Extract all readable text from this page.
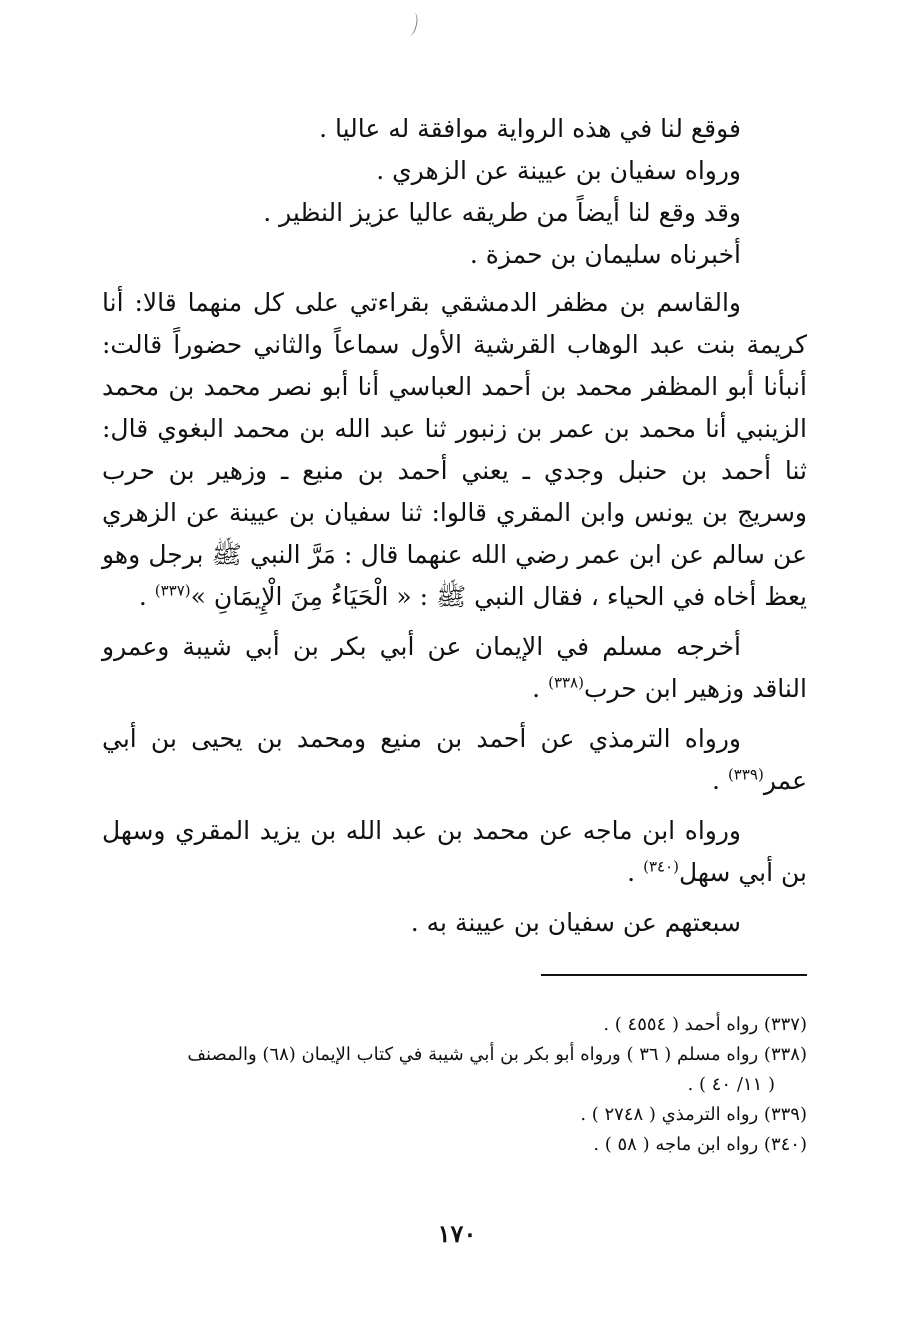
فوقع لنا في هذه الرواية موافقة له عاليا .
ورواه سفيان بن عيينة عن الزهري .
وقد وقع لنا أيضاً من طريقه عاليا عزيز النظير .
أخبرناه سليمان بن حمزة .

والقاسم بن مظفر الدمشقي بقراءتي على كل منهما قالا: أنا كريمة بنت عبد الوهاب القرشية الأول سماعاً والثاني حضوراً قالت: أنبأنا أبو المظفر محمد بن أحمد العباسي أنا أبو نصر محمد بن محمد الزينبي أنا محمد بن عمر بن زنبور ثنا عبد الله بن محمد البغوي قال: ثنا أحمد بن حنبل وجدي ـ يعني أحمد بن منيع ـ وزهير بن حرب وسريج بن يونس وابن المقري قالوا: ثنا سفيان بن عيينة عن الزهري عن سالم عن ابن عمر رضي الله عنهما قال : مَرَّ النبي ﷺ برجل وهو يعظ أخاه في الحياء ، فقال النبي ﷺ : « الْحَيَاءُ مِنَ الْإِيمَانِ »$^{(٣٣٧)}$ .

أخرجه مسلم في الإيمان عن أبي بكر بن أبي شيبة وعمرو الناقد وزهير ابن حرب$^{(٣٣٨)}$ .

ورواه الترمذي عن أحمد بن منيع ومحمد بن يحيى بن أبي عمر$^{(٣٣٩)}$ .

ورواه ابن ماجه عن محمد بن عبد الله بن يزيد المقري وسهل بن أبي سهل$^{(٣٤٠)}$ .

سبعتهم عن سفيان بن عيينة به .
(٣٣٧) رواه أحمد ( ٤٥٥٤ ) .
(٣٣٨) رواه مسلم ( ٣٦ ) ورواه أبو بكر بن أبي شيبة في كتاب الإيمان (٦٨) والمصنف
( ١١/ ٤٠ ) .
(٣٣٩) رواه الترمذي ( ٢٧٤٨ ) .
(٣٤٠) رواه ابن ماجه ( ٥٨ ) .
١٧٠
